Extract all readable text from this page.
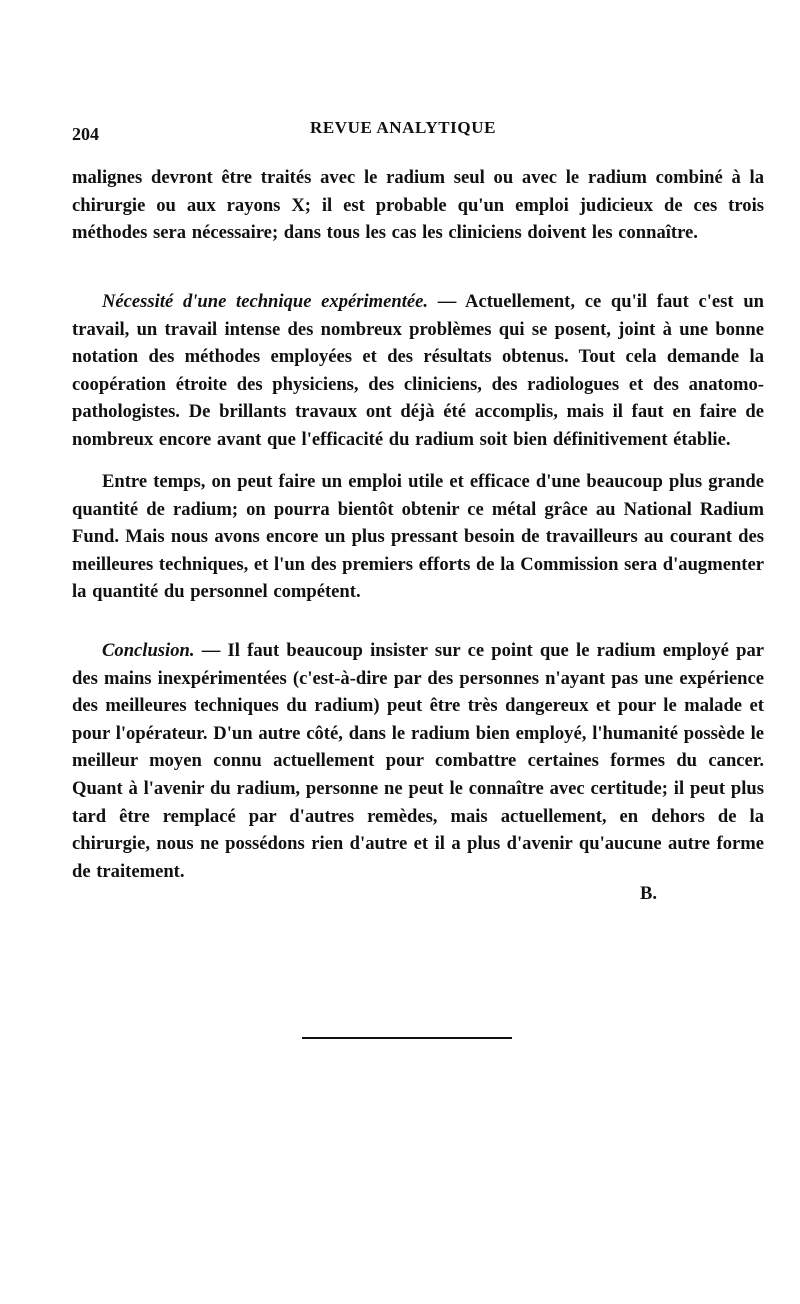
204	REVUE ANALYTIQUE

malignes devront être traités avec le radium seul ou avec le radium combiné à la chirurgie ou aux rayons X; il est probable qu'un emploi judicieux de ces trois méthodes sera nécessaire; dans tous les cas les cliniciens doivent les connaître.

Nécessité d'une technique expérimentée. — Actuellement, ce qu'il faut c'est un travail, un travail intense des nombreux problèmes qui se posent, joint à une bonne notation des méthodes employées et des résultats obtenus. Tout cela demande la coopération étroite des physiciens, des cliniciens, des radiologues et des anatomo-pathologistes. De brillants travaux ont déjà été accomplis, mais il faut en faire de nombreux encore avant que l'efficacité du radium soit bien définitivement établie.

Entre temps, on peut faire un emploi utile et efficace d'une beaucoup plus grande quantité de radium; on pourra bientôt obtenir ce métal grâce au National Radium Fund. Mais nous avons encore un plus pressant besoin de travailleurs au courant des meilleures techniques, et l'un des premiers efforts de la Commission sera d'augmenter la quantité du personnel compétent.

Conclusion. — Il faut beaucoup insister sur ce point que le radium employé par des mains inexpérimentées (c'est-à-dire par des personnes n'ayant pas une expérience des meilleures techniques du radium) peut être très dangereux et pour le malade et pour l'opérateur. D'un autre côté, dans le radium bien employé, l'humanité possède le meilleur moyen connu actuellement pour combattre certaines formes du cancer. Quant à l'avenir du radium, personne ne peut le connaître avec certitude; il peut plus tard être remplacé par d'autres remèdes, mais actuellement, en dehors de la chirurgie, nous ne possédons rien d'autre et il a plus d'avenir qu'aucune autre forme de traitement.

B.
